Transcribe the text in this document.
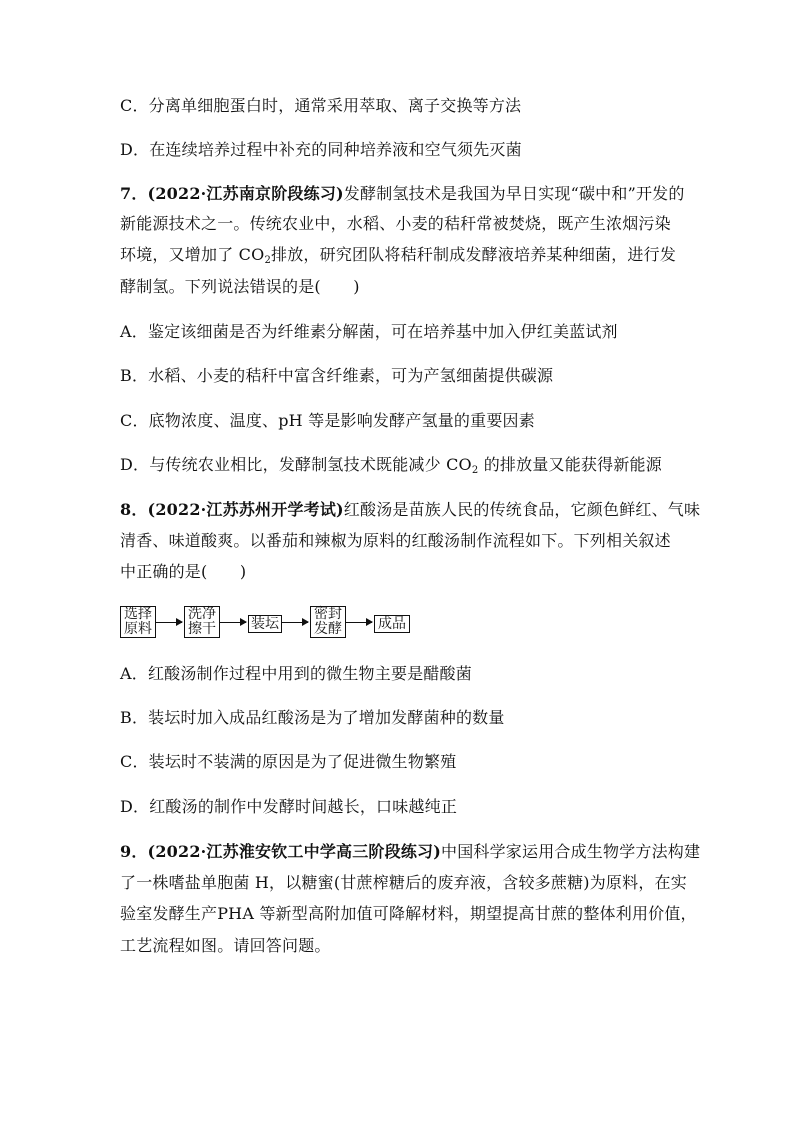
C．分离单细胞蛋白时，通常采用萃取、离子交换等方法
D．在连续培养过程中补充的同种培养液和空气须先灭菌
7．(2022·江苏南京阶段练习)发酵制氢技术是我国为早日实现“碳中和”开发的
新能源技术之一。传统农业中，水稻、小麦的秸秆常被焚烧，既产生浓烟污染
环境，又增加了 $CO_2$排放，研究团队将秸秆制成发酵液培养某种细菌，进行发
酵制氢。下列说法错误的是(　　)
A．鉴定该细菌是否为纤维素分解菌，可在培养基中加入伊红美蓝试剂
B．水稻、小麦的秸秆中富含纤维素，可为产氢细菌提供碳源
C．底物浓度、温度、pH 等是影响发酵产氢量的重要因素
D．与传统农业相比，发酵制氢技术既能减少 $CO_2$ 的排放量又能获得新能源
8．(2022·江苏苏州开学考试)红酸汤是苗族人民的传统食品，它颜色鲜红、气味
清香、味道酸爽。以番茄和辣椒为原料的红酸汤制作流程如下。下列相关叙述
中正确的是(　　)
选择
原料
洗净
擦干	装坛
密封
发酵	成品
A．红酸汤制作过程中用到的微生物主要是醋酸菌
B．装坛时加入成品红酸汤是为了增加发酵菌种的数量
C．装坛时不装满的原因是为了促进微生物繁殖
D．红酸汤的制作中发酵时间越长，口味越纯正
9．(2022·江苏淮安钦工中学高三阶段练习)中国科学家运用合成生物学方法构建
了一株嗜盐单胞菌 H，以糖蜜(甘蔗榨糖后的废弃液，含较多蔗糖)为原料，在实
验室发酵生产PHA 等新型高附加值可降解材料，期望提高甘蔗的整体利用价值，
工艺流程如图。请回答问题。
